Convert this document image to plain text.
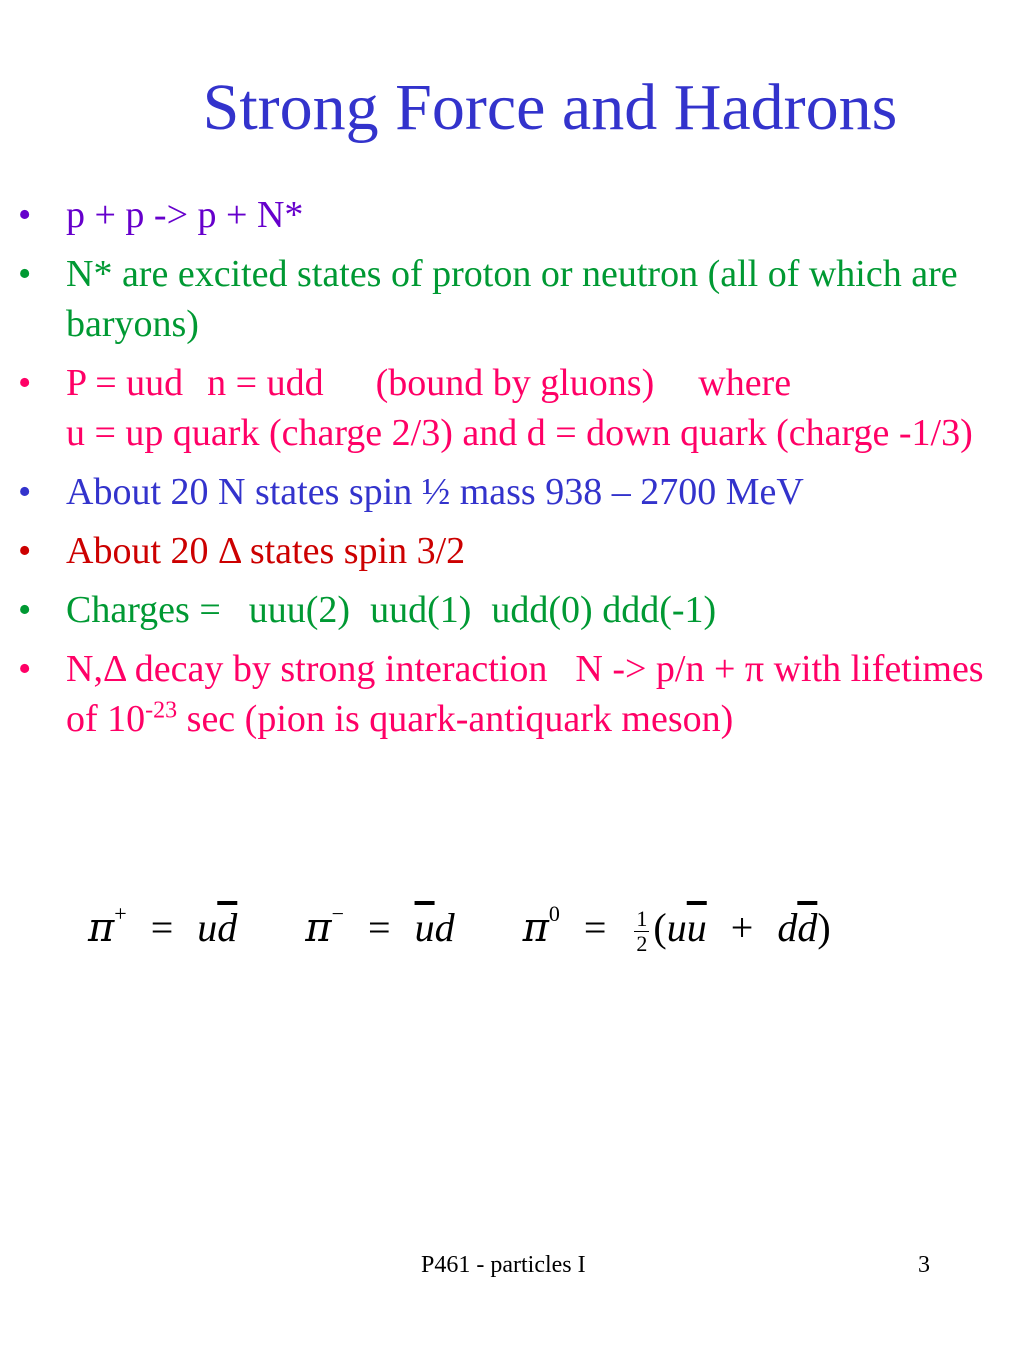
Strong Force and Hadrons
• p + p -> p + N*
• N* are excited states of proton or neutron (all of which are baryons)
• P = uud n = udd (bound by gluons) where
u = up quark (charge 2/3) and d = down quark (charge -1/3)
• About 20 N states spin ½ mass 938 – 2700 MeV
• About 20 Δ states spin 3/2
• Charges = uuu(2) uud(1) udd(0) ddd(-1)
• N,Δ decay by strong interaction N -> p/n + π with lifetimes of $10^{-23}$ sec (pion is quark-antiquark meson)
$\pi^+ = u\overline{d}$ $\pi^- = \overline{u}d$ $\pi^0 = \frac{1}{2} (u\overline{u} + d\overline{d})$
P461 - particles I	3
